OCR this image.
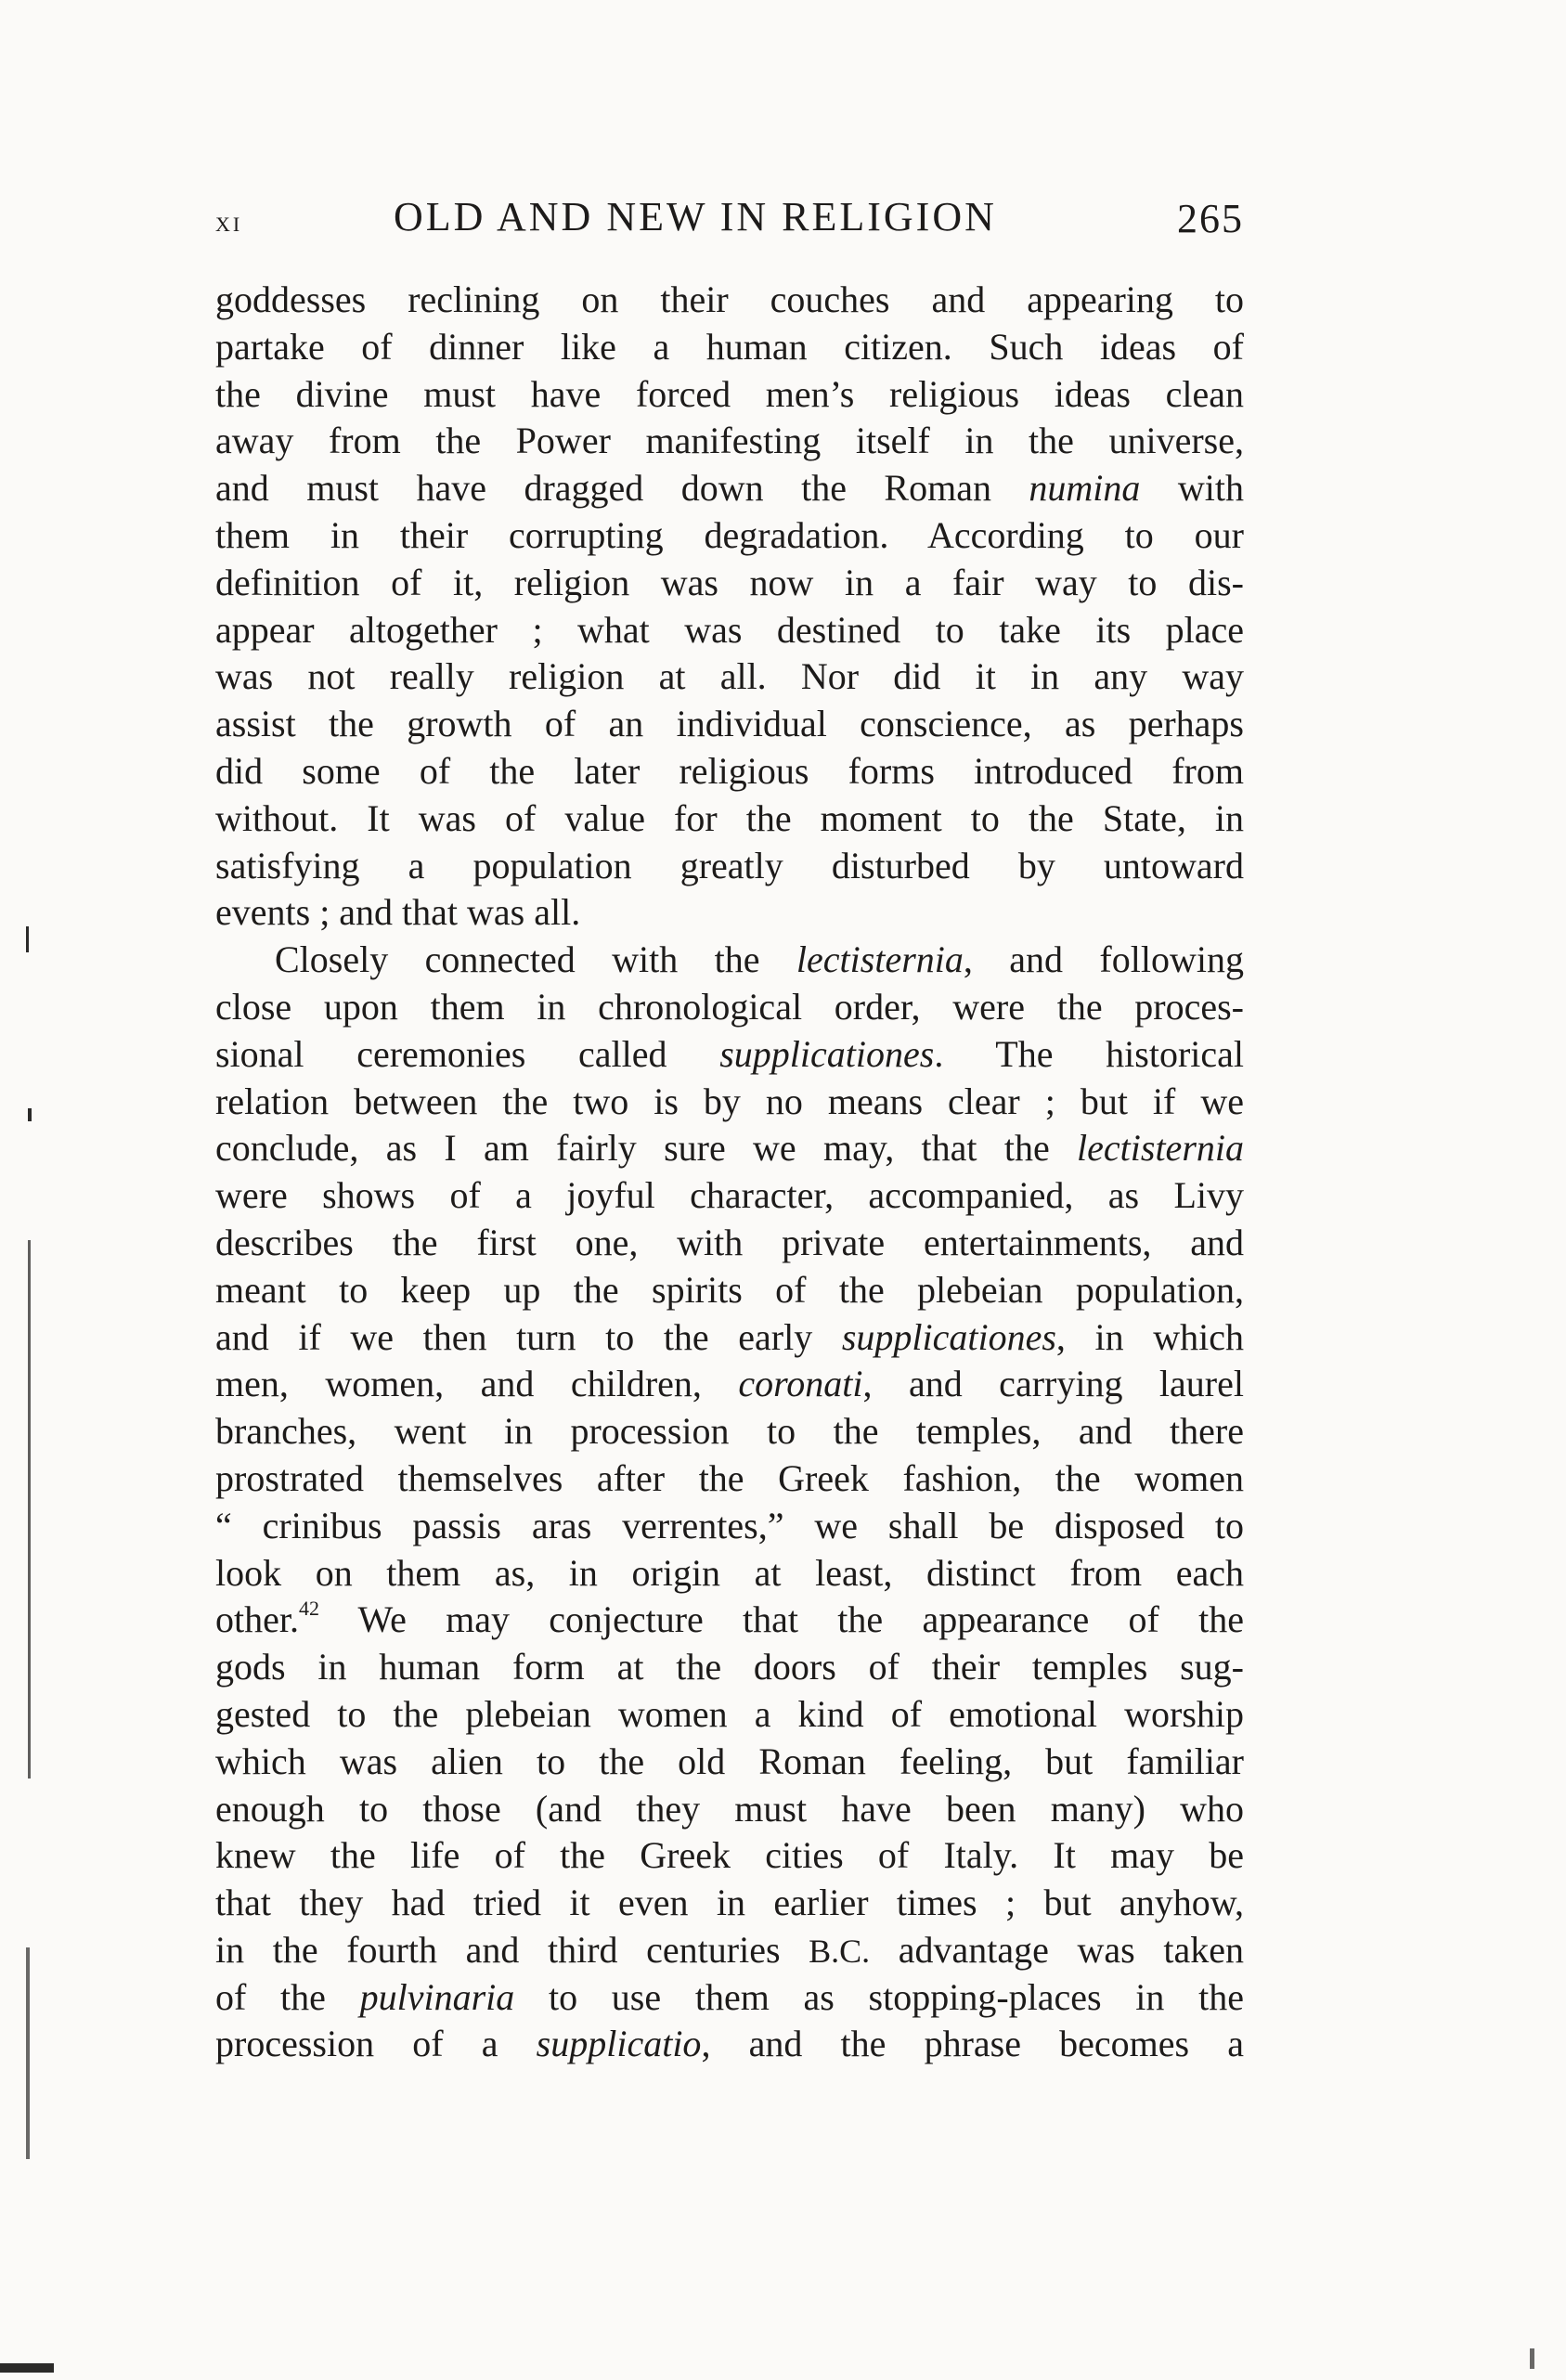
xi	OLD AND NEW IN RELIGION	265
goddesses reclining on their couches and appearing to
partake of dinner like a human citizen. Such ideas of
the divine must have forced men’s religious ideas clean
away from the Power manifesting itself in the universe,
and must have dragged down the Roman numina with
them in their corrupting degradation. According to our
definition of it, religion was now in a fair way to dis-
appear altogether ; what was destined to take its place
was not really religion at all. Nor did it in any way
assist the growth of an individual conscience, as perhaps
did some of the later religious forms introduced from
without. It was of value for the moment to the State, in
satisfying a population greatly disturbed by untoward
events ; and that was all.
Closely connected with the lectisternia, and following
close upon them in chronological order, were the proces-
sional ceremonies called supplicationes. The historical
relation between the two is by no means clear ; but if we
conclude, as I am fairly sure we may, that the lectisternia
were shows of a joyful character, accompanied, as Livy
describes the first one, with private entertainments, and
meant to keep up the spirits of the plebeian population,
and if we then turn to the early supplicationes, in which
men, women, and children, coronati, and carrying laurel
branches, went in procession to the temples, and there
prostrated themselves after the Greek fashion, the women
“ crinibus passis aras verrentes,” we shall be disposed to
look on them as, in origin at least, distinct from each
other.$^{42}$ We may conjecture that the appearance of the
gods in human form at the doors of their temples sug-
gested to the plebeian women a kind of emotional worship
which was alien to the old Roman feeling, but familiar
enough to those (and they must have been many) who
knew the life of the Greek cities of Italy. It may be
that they had tried it even in earlier times ; but anyhow,
in the fourth and third centuries B.C. advantage was taken
of the pulvinaria to use them as stopping-places in the
procession of a supplicatio, and the phrase becomes a
